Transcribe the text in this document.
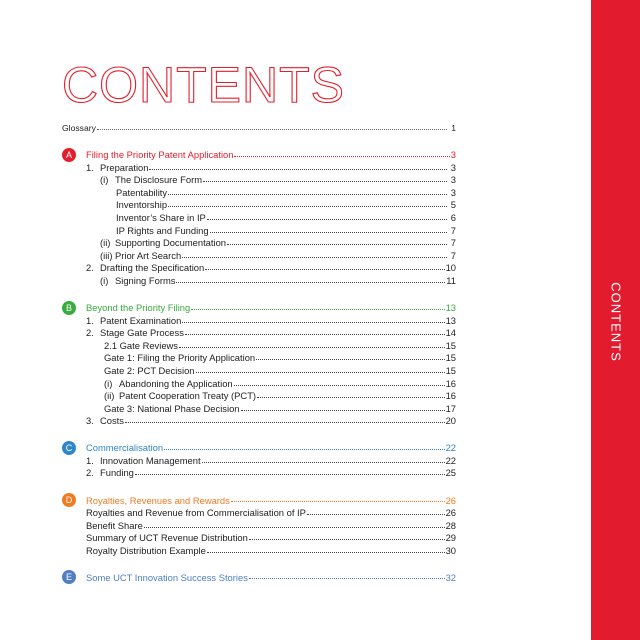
CONTENTS
CONTENTS
Glossary	1
A	Filing the Priority Patent Application	3
1. Preparation	3
(i) The Disclosure Form	3
Patentability	3
Inventorship	5
Inventor’s Share in IP	6
IP Rights and Funding	7
(ii) Supporting Documentation	7
(iii) Prior Art Search	7
2. Drafting the Specification	10
(i) Signing Forms	11
B	Beyond the Priority Filing	13
1. Patent Examination	13
2. Stage Gate Process	14
2.1 Gate Reviews	15
Gate 1: Filing the Priority Application	15
Gate 2: PCT Decision	15
(i) Abandoning the Application	16
(ii) Patent Cooperation Treaty (PCT)	16
Gate 3: National Phase Decision	17
3. Costs	20
C	Commercialisation	22
1. Innovation Management	22
2. Funding	25
D	Royalties, Revenues and Rewards	26
Royalties and Revenue from Commercialisation of IP	26
Benefit Share	28
Summary of UCT Revenue Distribution	29
Royalty Distribution Example	30
E	Some UCT Innovation Success Stories	32
